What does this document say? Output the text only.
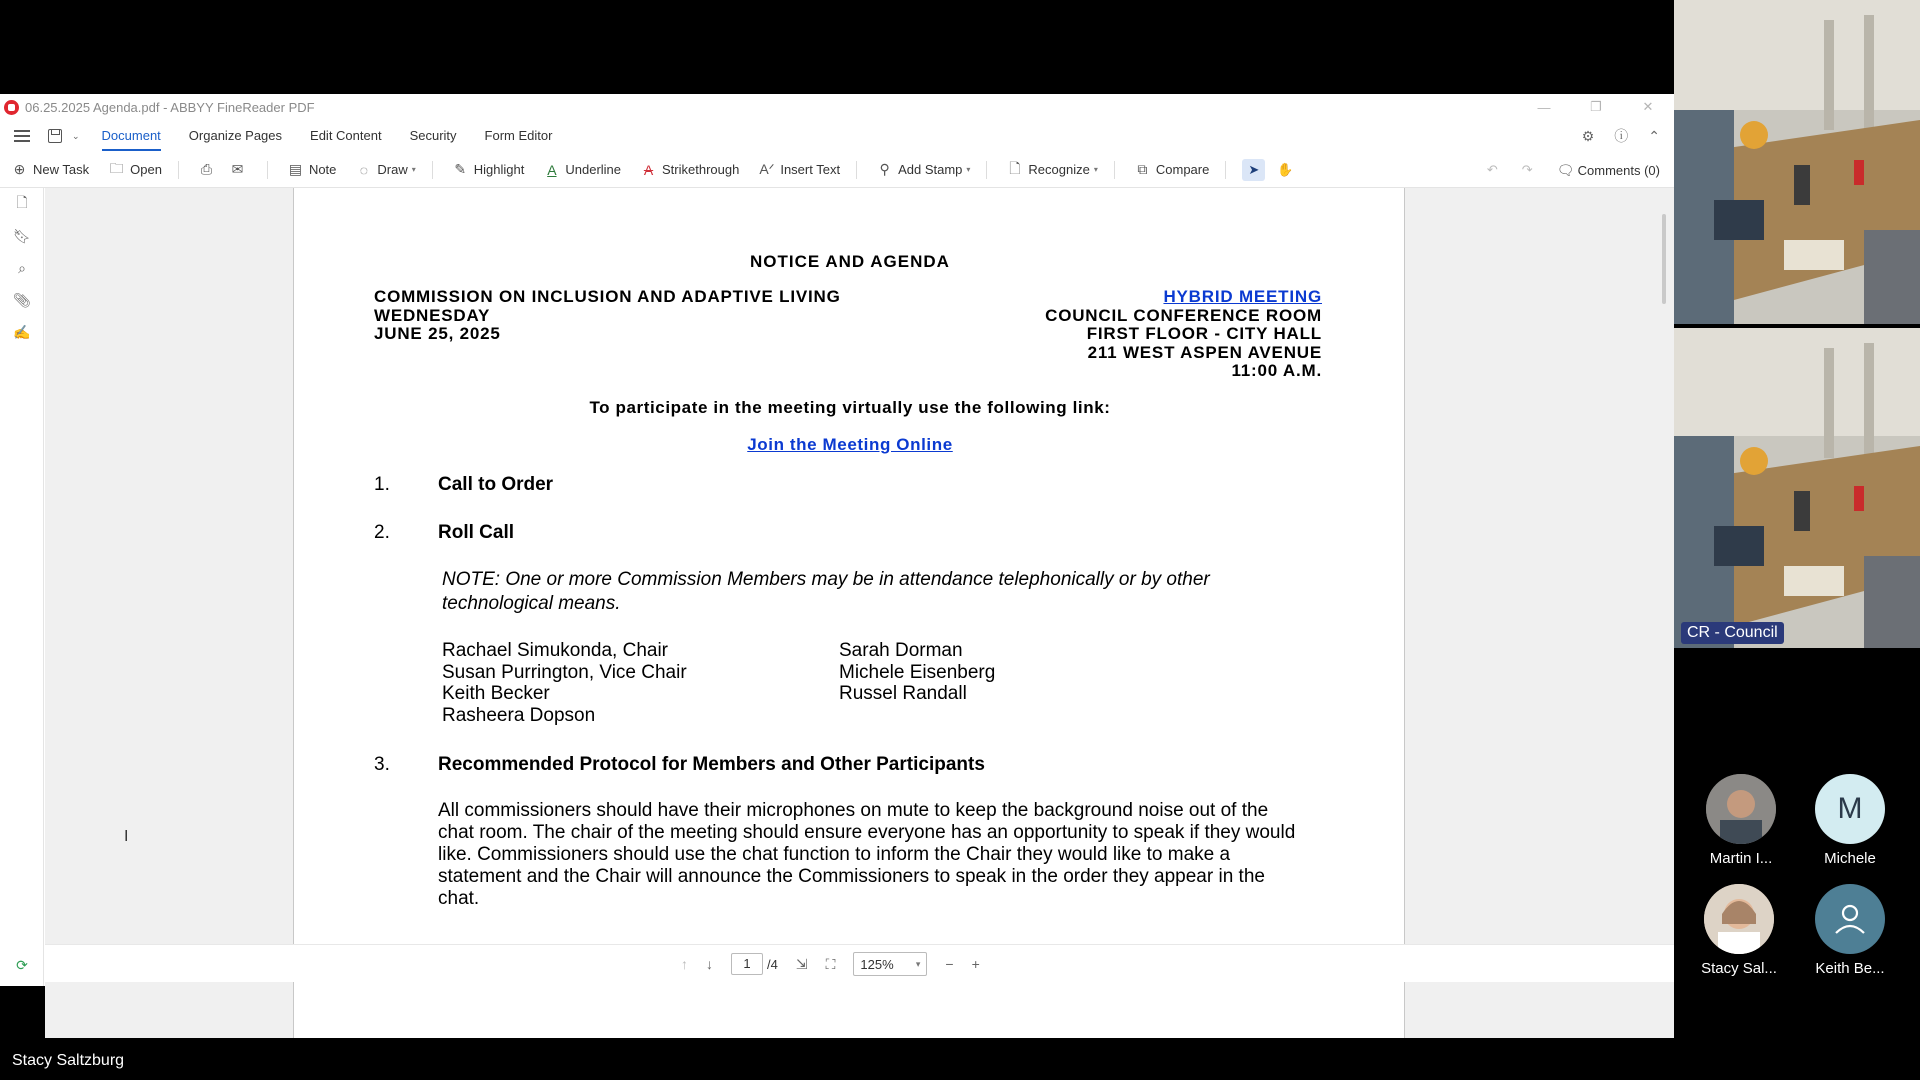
06.25.2025 Agenda.pdf - ABBYY FineReader PDF	—	❐	✕
⌄ Document Organize Pages Edit Content Security Form Editor	⚙ ⓘ ⌃
⊕ New Task 🗀 Open	⎙ ✉	▤ Note ◌ Draw ▾	✎ Highlight A Underline A Strikethrough Aᐟ Insert Text	⚲ Add Stamp ▾	🗋 Recognize ▾	⧉ Compare	➤ ✋	↶ ↷ 🗨 Comments (0)
🗋
🔖︎
⌕
📎︎
✍
⟳
NOTICE AND AGENDA
COMMISSION ON INCLUSION AND ADAPTIVE LIVING
WEDNESDAY
JUNE 25, 2025
HYBRID MEETING
COUNCIL CONFERENCE ROOM
FIRST FLOOR - CITY HALL
211 WEST ASPEN AVENUE
11:00 A.M.
To participate in the meeting virtually use the following link:
Join the Meeting Online
1.	Call to Order
2.	Roll Call
NOTE: One or more Commission Members may be in attendance telephonically or by other technological means.
Rachael Simukonda, Chair
Susan Purrington, Vice Chair
Keith Becker
Rasheera Dopson
Sarah Dorman
Michele Eisenberg
Russel Randall
3.	Recommended Protocol for Members and Other Participants
All commissioners should have their microphones on mute to keep the background noise out of the chat room. The chair of the meeting should ensure everyone has an opportunity to speak if they would like. Commissioners should use the chat function to inform the Chair they would like to make a statement and the Chair will announce the Commissioners to speak in the order they appear in the chat.
↑ ↓	1	/4 ⇲ ⛶ 125% ▾ − +
I
CR - Council
Martin I...
M
Michele
Stacy Sal...	Keith Be...
Stacy Saltzburg
